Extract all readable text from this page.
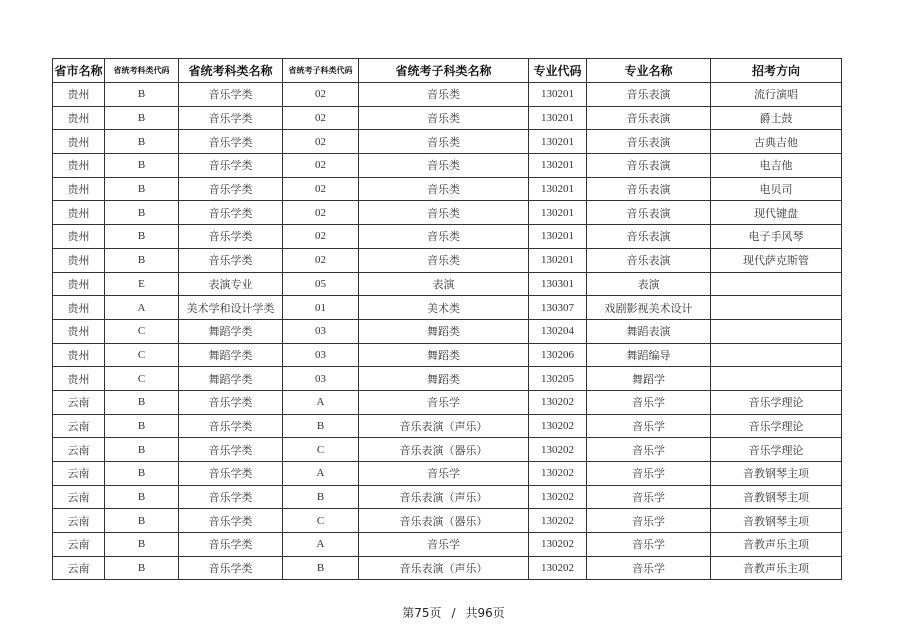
省市名称	省统考科类代码	省统考科类名称	省统考子科类代码	省统考子科类名称	专业代码	专业名称	招考方向
贵州	B	音乐学类	02	音乐类	130201	音乐表演	流行演唱
贵州	B	音乐学类	02	音乐类	130201	音乐表演	爵士鼓
贵州	B	音乐学类	02	音乐类	130201	音乐表演	古典吉他
贵州	B	音乐学类	02	音乐类	130201	音乐表演	电吉他
贵州	B	音乐学类	02	音乐类	130201	音乐表演	电贝司
贵州	B	音乐学类	02	音乐类	130201	音乐表演	现代键盘
贵州	B	音乐学类	02	音乐类	130201	音乐表演	电子手风琴
贵州	B	音乐学类	02	音乐类	130201	音乐表演	现代萨克斯管
贵州	E	表演专业	05	表演	130301	表演	
贵州	A	美术学和设计学类	01	美术类	130307	戏剧影视美术设计	
贵州	C	舞蹈学类	03	舞蹈类	130204	舞蹈表演	
贵州	C	舞蹈学类	03	舞蹈类	130206	舞蹈编导	
贵州	C	舞蹈学类	03	舞蹈类	130205	舞蹈学	
云南	B	音乐学类	A	音乐学	130202	音乐学	音乐学理论
云南	B	音乐学类	B	音乐表演（声乐）	130202	音乐学	音乐学理论
云南	B	音乐学类	C	音乐表演（器乐）	130202	音乐学	音乐学理论
云南	B	音乐学类	A	音乐学	130202	音乐学	音教钢琴主项
云南	B	音乐学类	B	音乐表演（声乐）	130202	音乐学	音教钢琴主项
云南	B	音乐学类	C	音乐表演（器乐）	130202	音乐学	音教钢琴主项
云南	B	音乐学类	A	音乐学	130202	音乐学	音教声乐主项
云南	B	音乐学类	B	音乐表演（声乐）	130202	音乐学	音教声乐主项
第75页 / 共96页
